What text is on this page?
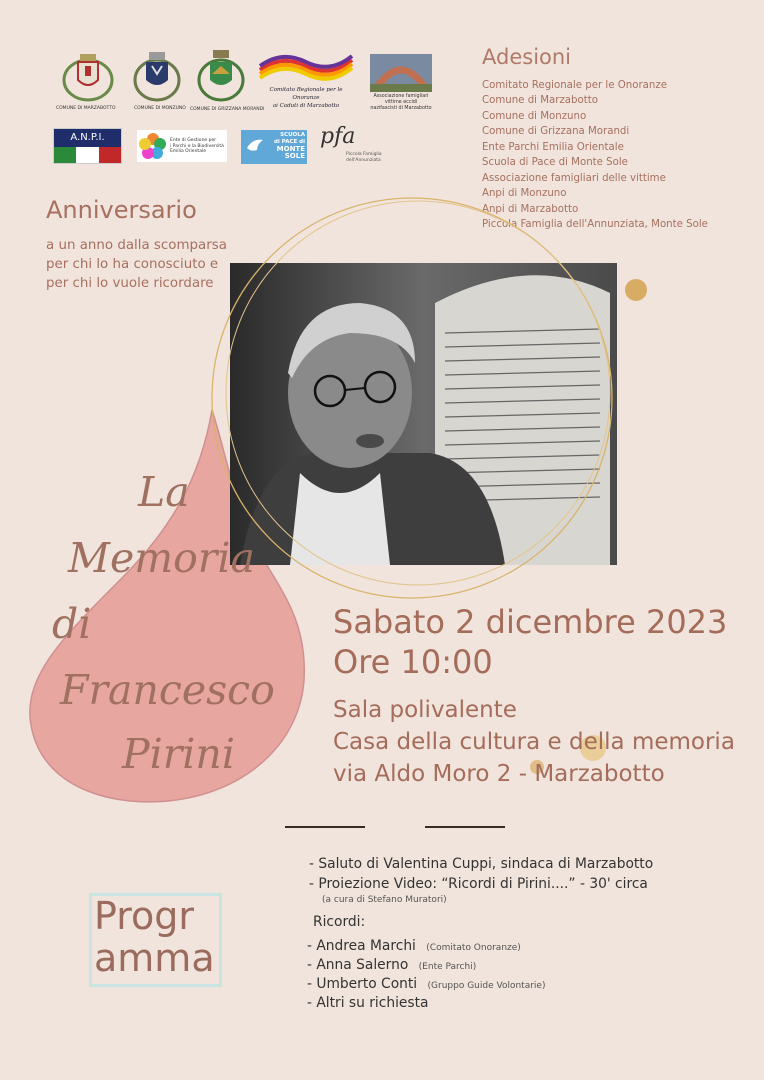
COMUNE DI MARZABOTTO	COMUNE DI MONZUNO COMUNE DI GRIZZANA MORANDI
Comitato Regionale per le Onoranze
ai Caduti di Marzabotto
Associazione famigliari
vittime eccidi
nazifascisti di Marzabotto
A.N.P.I.	Ente di Gestione per
i Parchi e la Biodiversità
Emilia Orientale
SCUOLA
di PACE di
MONTE
SOLE
pfa
Piccola Famiglia
dell'Annunziata
Adesioni
Comitato Regionale per le Onoranze
Comune di Marzabotto
Comune di Monzuno
Comune di Grizzana Morandi
Ente Parchi Emilia Orientale
Scuola di Pace di Monte Sole
Associazione famigliari delle vittime
Anpi di Monzuno
Anpi di Marzabotto
Piccola Famiglia dell'Annunziata, Monte Sole
Anniversario
a un anno dalla scomparsa
per chi lo ha conosciuto e
per chi lo vuole ricordare
La
Memoria
di
Francesco
Pirini
Sabato 2 dicembre 2023
Ore 10:00
Sala polivalente
Casa della cultura e della memoria
via Aldo Moro 2 - Marzabotto
Progr
amma
- Saluto di Valentina Cuppi, sindaca di Marzabotto
- Proiezione Video: “Ricordi di Pirini....” - 30' circa
(a cura di Stefano Muratori)
Ricordi:
- Andrea Marchi (Comitato Onoranze)
- Anna Salerno (Ente Parchi)
- Umberto Conti (Gruppo Guide Volontarie)
- Altri su richiesta
